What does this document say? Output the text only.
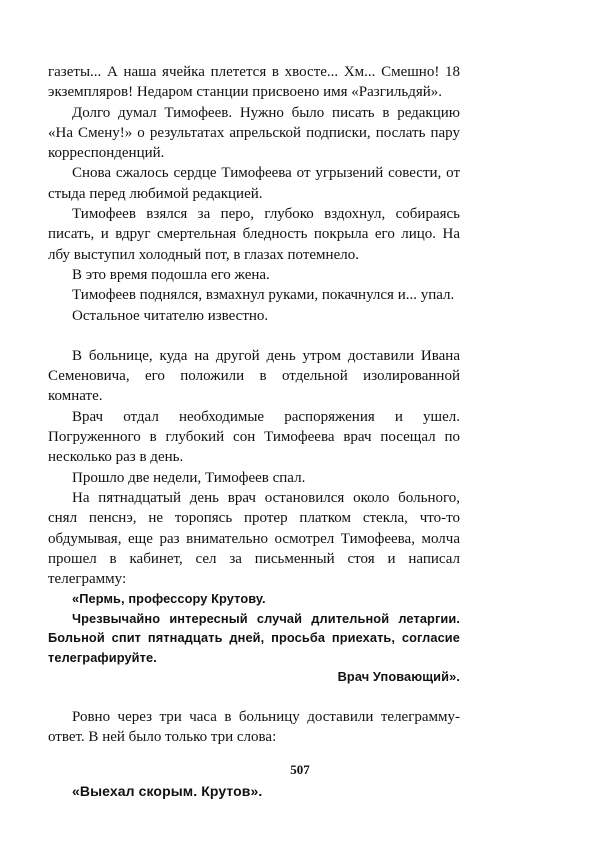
газеты... А наша ячейка плетется в хвосте... Хм... Смешно! 18 экземпляров! Недаром станции присвоено имя «Разгильдяй».

Долго думал Тимофеев. Нужно было писать в редакцию «На Смену!» о результатах апрельской подписки, послать пару корреспонденций.

Снова сжалось сердце Тимофеева от угрызений совести, от стыда перед любимой редакцией.

Тимофеев взялся за перо, глубоко вздохнул, собираясь писать, и вдруг смертельная бледность покрыла его лицо. На лбу выступил холодный пот, в глазах потемнело.

В это время подошла его жена.

Тимофеев поднялся, взмахнул руками, покачнулся и... упал.

Остальное читателю известно.

В больнице, куда на другой день утром доставили Ивана Семеновича, его положили в отдельной изолированной комнате.

Врач отдал необходимые распоряжения и ушел. Погруженного в глубокий сон Тимофеева врач посещал по несколько раз в день.

Прошло две недели, Тимофеев спал.

На пятнадцатый день врач остановился около больного, снял пенснэ, не торопясь протер платком стекла, что-то обдумывая, еще раз внимательно осмотрел Тимофеева, молча прошел в кабинет, сел за письменный стоя и написал телеграмму:

«Пермь, профессору Крутову.

Чрезвычайно интересный случай длительной летаргии. Больной спит пятнадцать дней, просьба приехать, согласие телеграфируйте.

Врач Уповающий».

Ровно через три часа в больницу доставили телеграмму-ответ. В ней было только три слова:

«Выехал скорым. Крутов».

507
